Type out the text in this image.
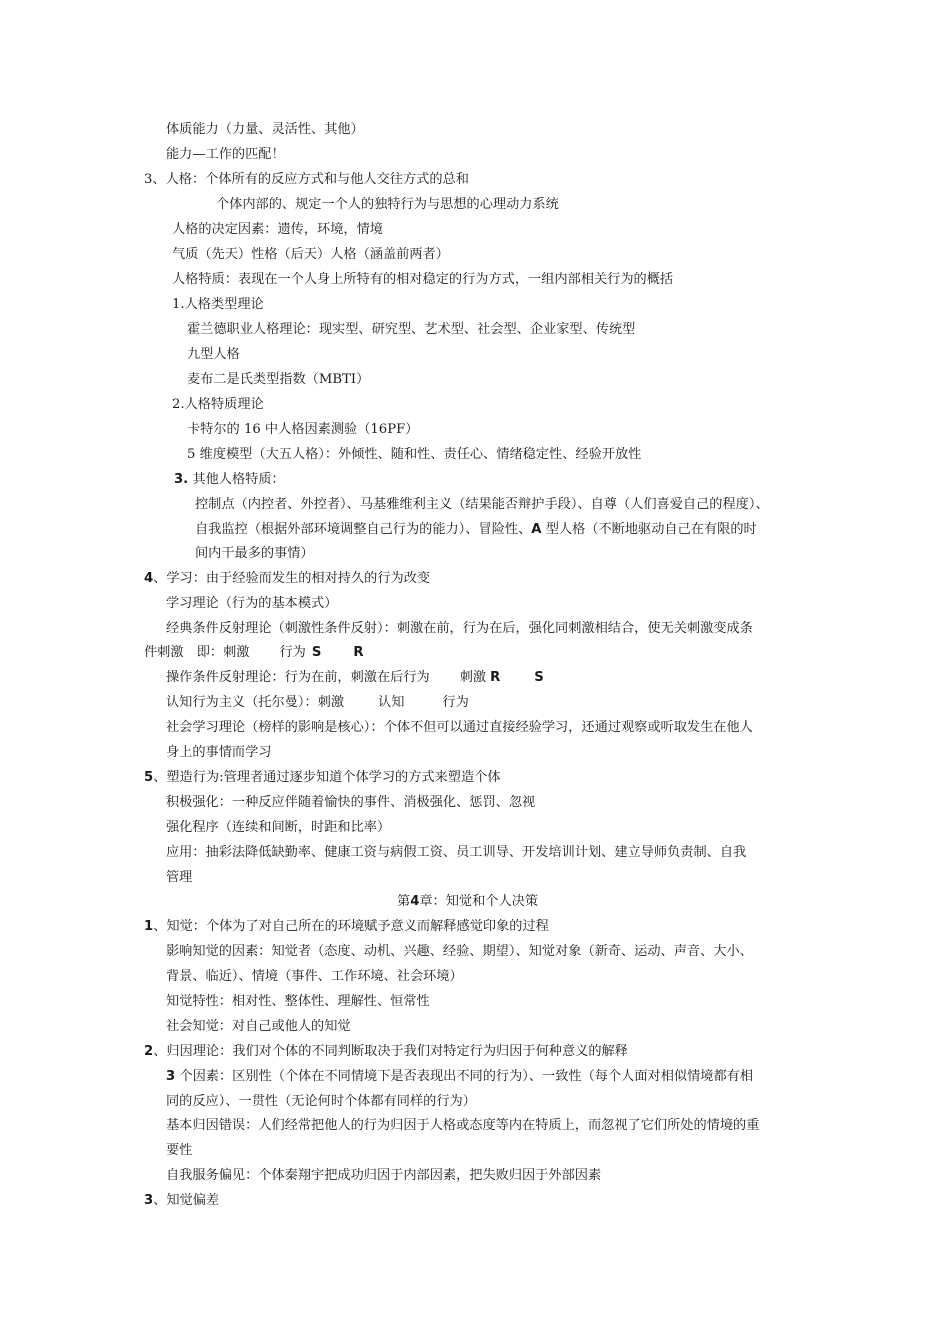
体质能力（力量、灵活性、其他）
能力—工作的匹配！
3、人格：个体所有的反应方式和与他人交往方式的总和
个体内部的、规定一个人的独特行为与思想的心理动力系统
人格的决定因素：遗传，环境，情境
气质（先天）性格（后天）人格（涵盖前两者）
人格特质：表现在一个人身上所特有的相对稳定的行为方式，一组内部相关行为的概括
1.人格类型理论
霍兰德职业人格理论：现实型、研究型、艺术型、社会型、企业家型、传统型
九型人格
麦布二是氏类型指数（MBTI）
2.人格特质理论
卡特尔的 16 中人格因素测验（16PF）
5 维度模型（大五人格）：外倾性、随和性、责任心、情绪稳定性、经验开放性
3. 其他人格特质：
控制点（内控者、外控者）、马基雅维利主义（结果能否辩护手段）、自尊（人们喜爱自己的程度）、
自我监控（根据外部环境调整自己行为的能力）、冒险性、A 型人格（不断地驱动自己在有限的时
间内干最多的事情）
4、学习：由于经验而发生的相对持久的行为改变
学习理论（行为的基本模式）
经典条件反射理论（刺激性条件反射）：刺激在前，行为在后，强化同刺激相结合，使无关刺激变成条
件刺激　即：刺激 行为 S R
操作条件反射理论：行为在前，刺激在后行为 刺激 R	S
认知行为主义（托尔曼）：刺激	认知	行为
社会学习理论（榜样的影响是核心）：个体不但可以通过直接经验学习，还通过观察或听取发生在他人
身上的事情而学习
5、塑造行为:管理者通过逐步知道个体学习的方式来塑造个体
积极强化：一种反应伴随着愉快的事件、消极强化、惩罚、忽视
强化程序（连续和间断，时距和比率）
应用：抽彩法降低缺勤率、健康工资与病假工资、员工训导、开发培训计划、建立导师负责制、自我
管理
第4章：知觉和个人决策
1、知觉：个体为了对自己所在的环境赋予意义而解释感觉印象的过程
影响知觉的因素：知觉者（态度、动机、兴趣、经验、期望）、知觉对象（新奇、运动、声音、大小、
背景、临近）、情境（事件、工作环境、社会环境）
知觉特性：相对性、整体性、理解性、恒常性
社会知觉：对自己或他人的知觉
2、归因理论：我们对个体的不同判断取决于我们对特定行为归因于何种意义的解释
3 个因素：区别性（个体在不同情境下是否表现出不同的行为）、一致性（每个人面对相似情境都有相
同的反应）、一贯性（无论何时个体都有同样的行为）
基本归因错误：人们经常把他人的行为归因于人格或态度等内在特质上，而忽视了它们所处的情境的重
要性
自我服务偏见：个体秦翔宇把成功归因于内部因素，把失败归因于外部因素
3、知觉偏差
